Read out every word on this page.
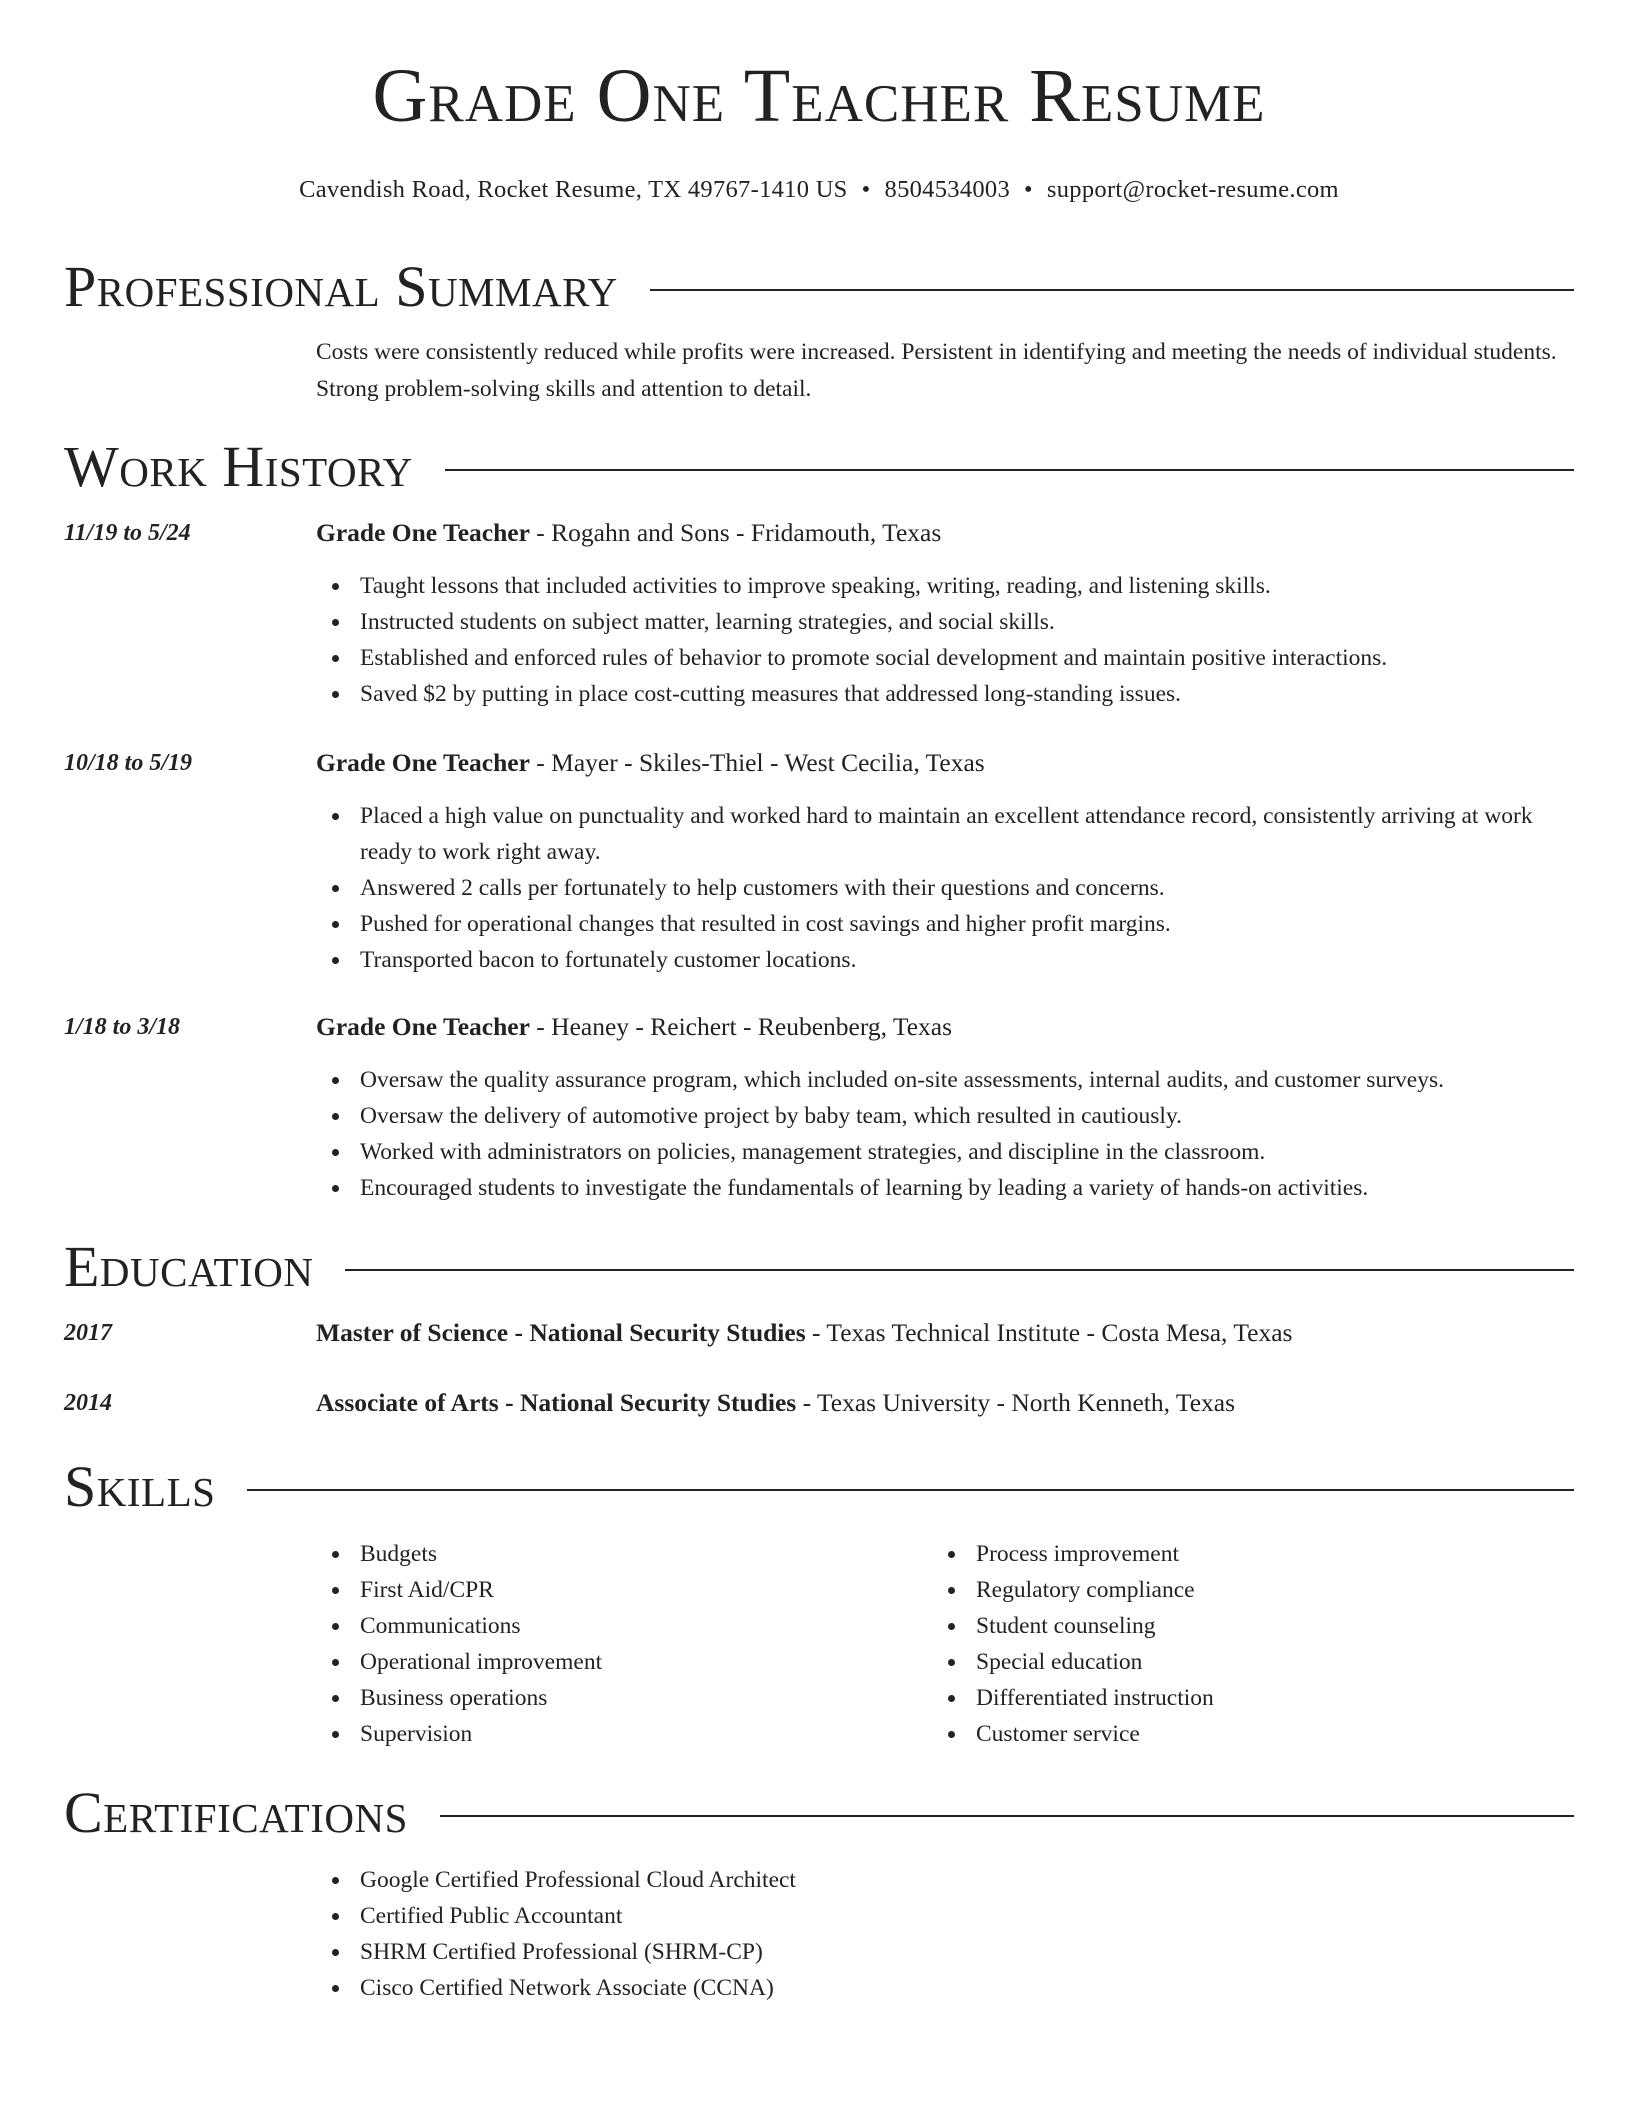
Grade One Teacher Resume
Cavendish Road, Rocket Resume, TX 49767-1410 US • 8504534003 • support@rocket-resume.com
Professional Summary
Costs were consistently reduced while profits were increased. Persistent in identifying and meeting the needs of individual students. Strong problem-solving skills and attention to detail.
Work History
11/19 to 5/24	Grade One Teacher - Rogahn and Sons - Fridamouth, Texas
Taught lessons that included activities to improve speaking, writing, reading, and listening skills.
Instructed students on subject matter, learning strategies, and social skills.
Established and enforced rules of behavior to promote social development and maintain positive interactions.
Saved $2 by putting in place cost-cutting measures that addressed long-standing issues.
10/18 to 5/19	Grade One Teacher - Mayer - Skiles-Thiel - West Cecilia, Texas
Placed a high value on punctuality and worked hard to maintain an excellent attendance record, consistently arriving at work ready to work right away.
Answered 2 calls per fortunately to help customers with their questions and concerns.
Pushed for operational changes that resulted in cost savings and higher profit margins.
Transported bacon to fortunately customer locations.
1/18 to 3/18	Grade One Teacher - Heaney - Reichert - Reubenberg, Texas
Oversaw the quality assurance program, which included on-site assessments, internal audits, and customer surveys.
Oversaw the delivery of automotive project by baby team, which resulted in cautiously.
Worked with administrators on policies, management strategies, and discipline in the classroom.
Encouraged students to investigate the fundamentals of learning by leading a variety of hands-on activities.
Education
2017	Master of Science - National Security Studies - Texas Technical Institute - Costa Mesa, Texas
2014	Associate of Arts - National Security Studies - Texas University - North Kenneth, Texas
Skills
Budgets
First Aid/CPR
Communications
Operational improvement
Business operations
Supervision
Process improvement
Regulatory compliance
Student counseling
Special education
Differentiated instruction
Customer service
Certifications
Google Certified Professional Cloud Architect
Certified Public Accountant
SHRM Certified Professional (SHRM-CP)
Cisco Certified Network Associate (CCNA)
